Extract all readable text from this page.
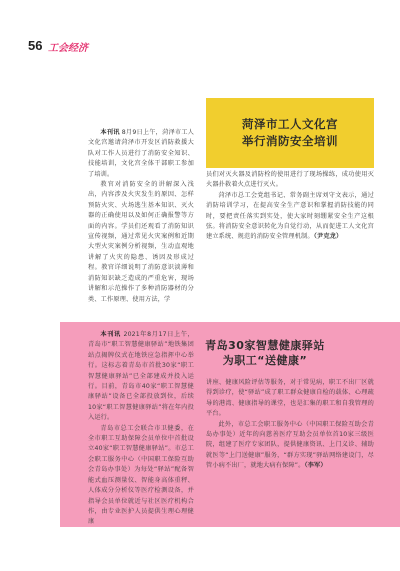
56 工会经济

本刊讯 8月9日上午，菏泽市工人文化宫邀请菏泽市开发区消防救援大队对工作人员进行了消防安全知识、技能培训，文化宫全体干部职工参加了培训。

教官对消防安全的讲解深入浅出，内容涉及火灾发生的原因、怎样预防火灾、火场逃生基本知识、灭火器的正确使用以及如何正确报警等方面的内容。学员们还观看了消防知识宣传视频，通过常见火灾案例和近期大型火灾案例分析视频，生动直观地讲解了火灾的隐患、诱因及形成过程。教官详细说明了消防意识淡薄和消防知识缺乏造成的严重危害，现场讲解和示范操作了多种消防器材的分类、工作原理、使用方法，学

菏泽市工人文化宫
举行消防安全培训

员们对灭火器及消防栓的使用进行了现场操练，成功使用灭火器扑救着火点进行灭火。

菏泽市总工会党组书记、常务副主席刘守文表示，通过消防培训学习，在提高安全生产意识和掌握消防技能的同时，要把责任落实到实处，使大家时刻绷紧安全生产这根弦。将消防安全意识转化为自觉行动，从而促进工人文化宫建立系统、规范的消防安全管理机制。（尹克龙）

本刊讯 2021年8月17日上午，青岛市“职工智慧健康驿站”地铁集团站点揭牌仪式在地铁应急指挥中心举行。这标志着青岛市首批30家“职工智慧健康驿站”已全部建成并投入运行。目前，青岛市40家“职工智慧健康驿站”设备已全部投放到位，后续10家“职工智慧健康驿站”将在年内投入运行。

青岛市总工会联合市卫健委，在全市职工互助保障会员单位中首批设立40家“职工智慧健康驿站”。市总工会职工服务中心（中国职工保险互助会青岛办事处）为每处“驿站”配备智能式血压测量仪、智能身高体重秤、人体成分分析仪等医疗检测设备，并指导会员单位就近与社区医疗机构合作，由专业医护人员提供生理心理健康

青岛30家智慧健康驿站
为职工“送健康”

讲座、健康风险评估等服务，对于常见病，职工不出厂区就得到诊疗，使“驿站”成了职工群众健康自检的载体、心理疏导的港湾、健康指导的课堂，也是汇集的职工和自我管理的平台。

此外，市总工会职工服务中心（中国职工保险互助会青岛办事处）近年的向慈善医疗互助会员单位首10家三级医院，组建了医疗专家团队，提供健康资讯、上门义诊、辅助就医等“上门送健康”服务，“群方实现”驿站网络建设门，尽管小病不出厂，就地大病有保障”。（李军）
